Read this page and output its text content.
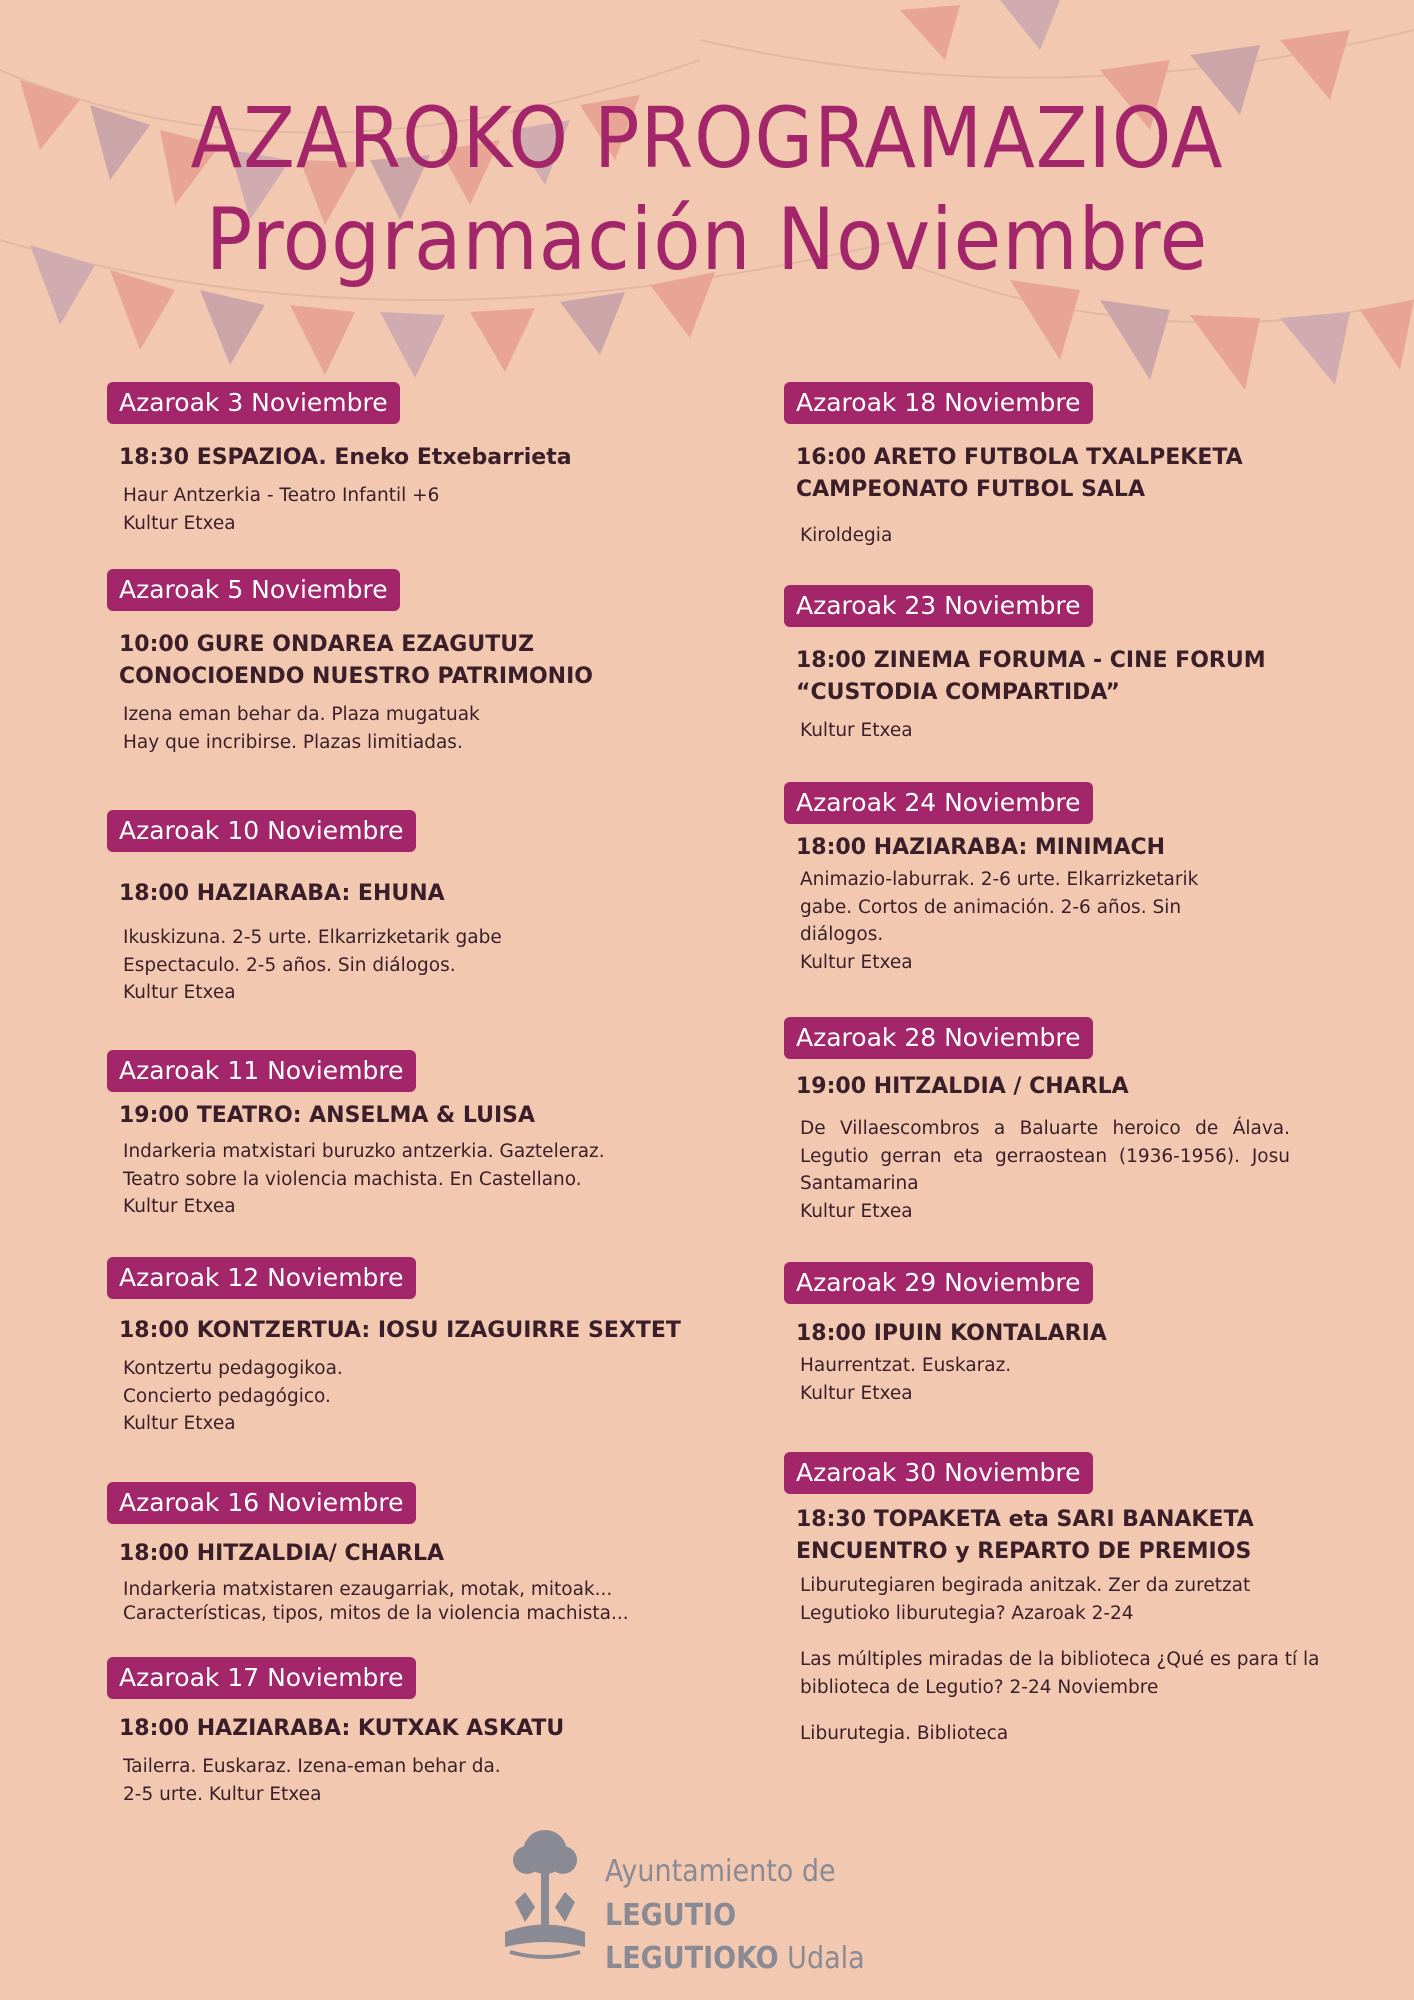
AZAROKO PROGRAMAZIOA
Programación Noviembre
Azaroak 3 Noviembre
18:30 ESPAZIOA. Eneko Etxebarrieta
Haur Antzerkia - Teatro Infantil +6
Kultur Etxea
Azaroak 5 Noviembre
10:00 GURE ONDAREA EZAGUTUZ
CONOCIOENDO NUESTRO PATRIMONIO
Izena eman behar da. Plaza mugatuak
Hay que incribirse. Plazas limitiadas.
Azaroak 10 Noviembre
18:00 HAZIARABA: EHUNA
Ikuskizuna. 2-5 urte. Elkarrizketarik gabe
Espectaculo. 2-5 años. Sin diálogos.
Kultur Etxea
Azaroak 11 Noviembre
19:00 TEATRO: ANSELMA & LUISA
Indarkeria matxistari buruzko antzerkia. Gazteleraz.
Teatro sobre la violencia machista. En Castellano.
Kultur Etxea
Azaroak 12 Noviembre
18:00 KONTZERTUA: IOSU IZAGUIRRE SEXTET
Kontzertu pedagogikoa.
Concierto pedagógico.
Kultur Etxea
Azaroak 16 Noviembre
18:00 HITZALDIA/ CHARLA
Indarkeria matxistaren ezaugarriak, motak, mitoak...
Características, tipos, mitos de la violencia machista...
Azaroak 17 Noviembre
18:00 HAZIARABA: KUTXAK ASKATU
Tailerra. Euskaraz. Izena-eman behar da.
2-5 urte. Kultur Etxea
Azaroak 18 Noviembre
16:00 ARETO FUTBOLA TXALPEKETA
CAMPEONATO FUTBOL SALA
Kiroldegia
Azaroak 23 Noviembre
18:00 ZINEMA FORUMA - CINE FORUM
“CUSTODIA COMPARTIDA”
Kultur Etxea
Azaroak 24 Noviembre
18:00 HAZIARABA: MINIMACH
Animazio-laburrak. 2-6 urte. Elkarrizketarik
gabe. Cortos de animación. 2-6 años. Sin
diálogos.
Kultur Etxea
Azaroak 28 Noviembre
19:00 HITZALDIA / CHARLA
De Villaescombros a Baluarte heroico de Álava. Legutio gerran eta gerraostean (1936-1956). Josu Santamarina
Kultur Etxea
Azaroak 29 Noviembre
18:00 IPUIN KONTALARIA
Haurrentzat. Euskaraz.
Kultur Etxea
Azaroak 30 Noviembre
18:30 TOPAKETA eta SARI BANAKETA
ENCUENTRO y REPARTO DE PREMIOS
Liburutegiaren begirada anitzak. Zer da zuretzat
Legutioko liburutegia? Azaroak 2-24
Las múltiples miradas de la biblioteca ¿Qué es para tí la
biblioteca de Legutio? 2-24 Noviembre
Liburutegia. Biblioteca
Ayuntamiento de LEGUTIO
LEGUTIOKO Udala
